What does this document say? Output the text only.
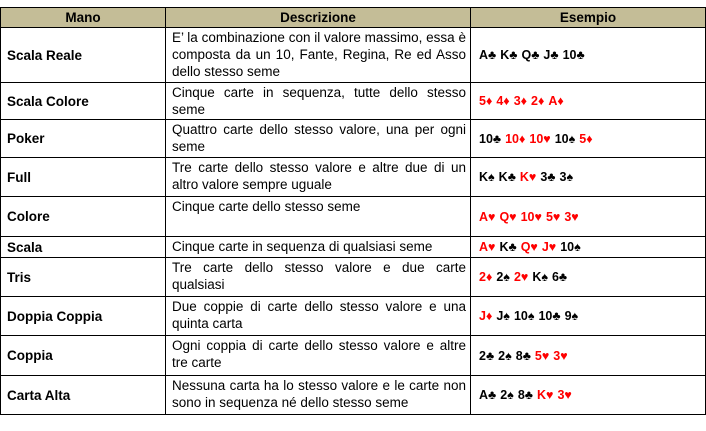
Mano	Descrizione	Esempio
Scala Reale	E’ la combinazione con il valore massimo, essa è composta da un 10, Fante, Regina, Re ed Asso dello stesso seme	A♣ K♣ Q♣ J♣ 10♣
Scala Colore	Cinque carte in sequenza, tutte dello stesso seme	5♦ 4♦ 3♦ 2♦ A♦
Poker	Quattro carte dello stesso valore, una per ogni seme	10♣ 10♦ 10♥ 10♠ 5♦
Full	Tre carte dello stesso valore e altre due di un altro valore sempre uguale	K♠ K♣ K♥ 3♣ 3♠
Colore	Cinque carte dello stesso seme	A♥ Q♥ 10♥ 5♥ 3♥
Scala	Cinque carte in sequenza di qualsiasi seme	A♥ K♣ Q♥ J♥ 10♠
Tris	Tre carte dello stesso valore e due carte qualsiasi	2♦ 2♠ 2♥ K♠ 6♣
Doppia Coppia	Due coppie di carte dello stesso valore e una quinta carta	J♦ J♠ 10♠ 10♣ 9♠
Coppia	Ogni coppia di carte dello stesso valore e altre tre carte	2♣ 2♠ 8♣ 5♥ 3♥
Carta Alta	Nessuna carta ha lo stesso valore e le carte non sono in sequenza né dello stesso seme	A♣ 2♠ 8♣ K♥ 3♥
